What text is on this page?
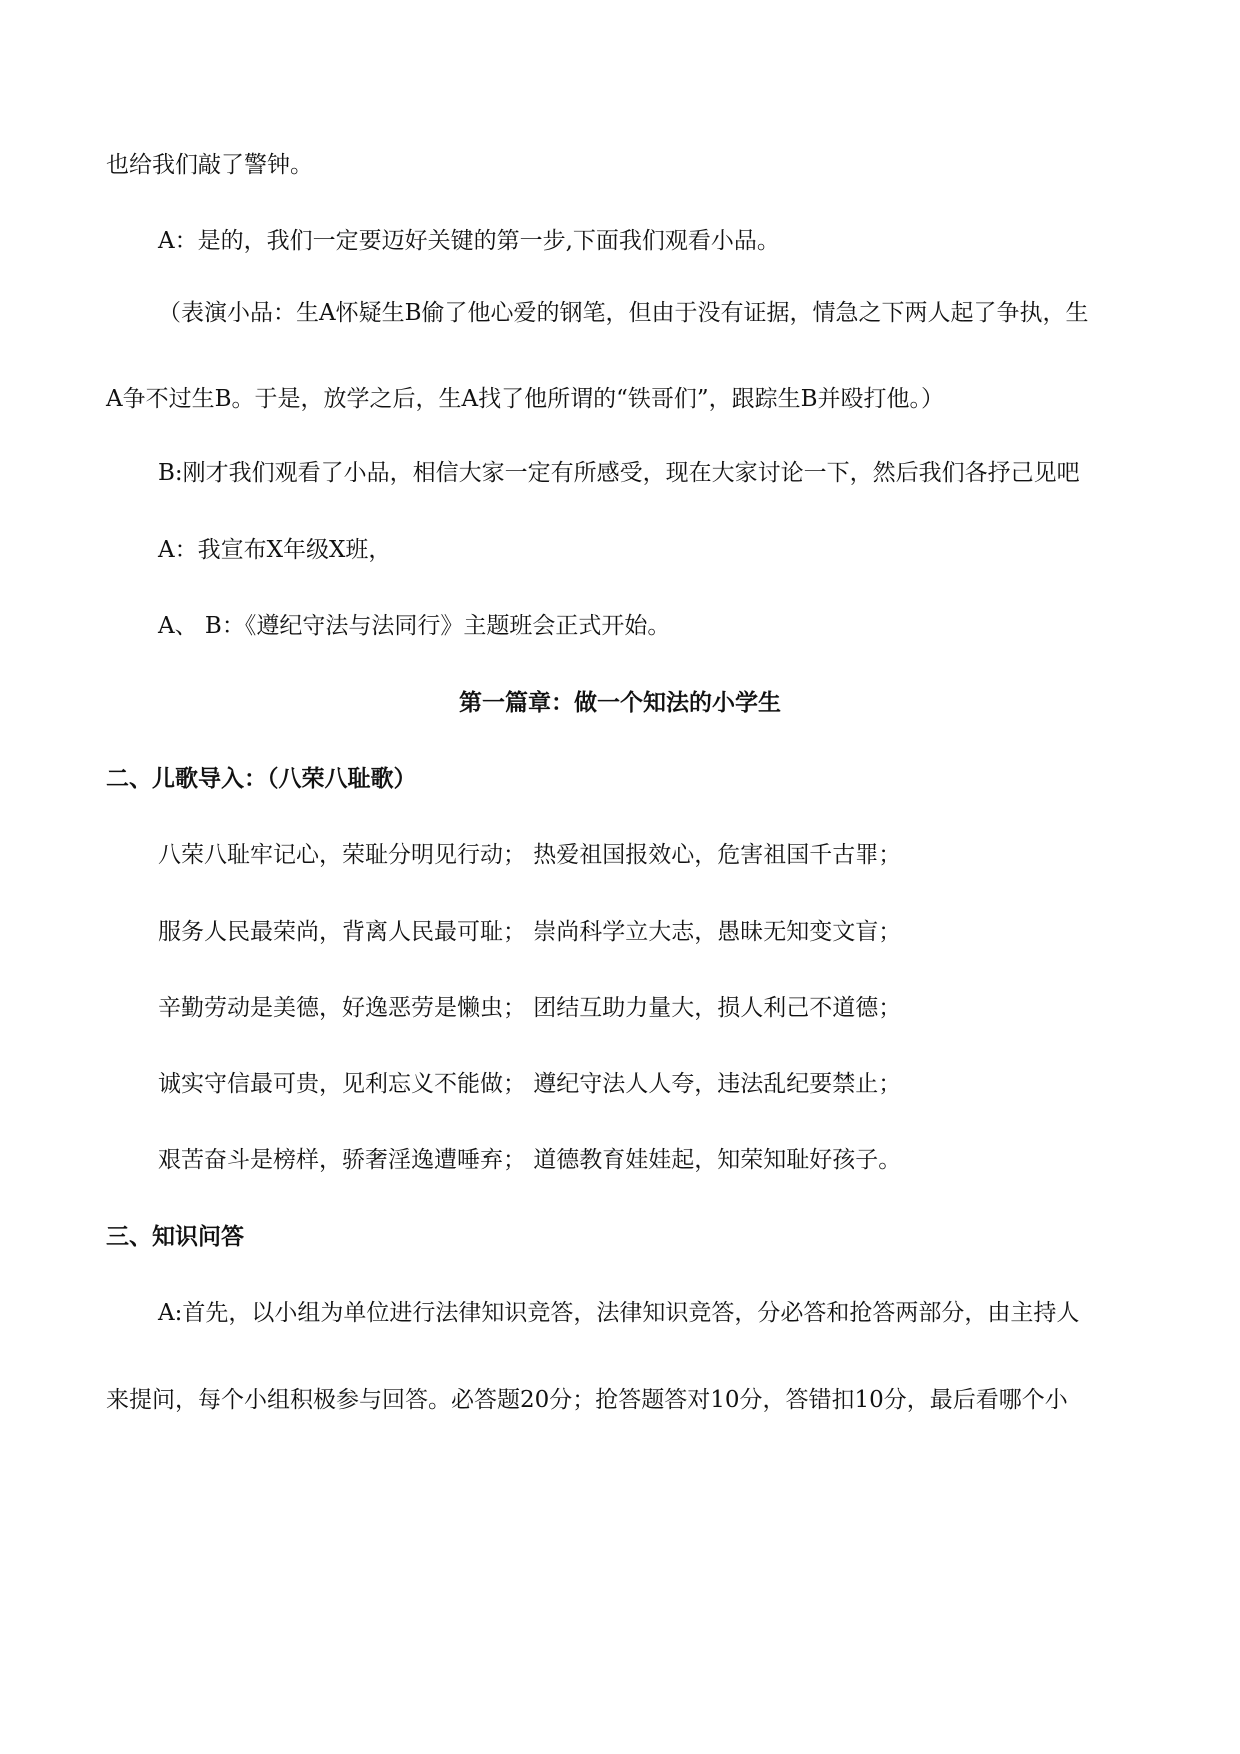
也给我们敲了警钟。
A：是的，我们一定要迈好关键的第一步,下面我们观看小品。
（表演小品：生A怀疑生B偷了他心爱的钢笔，但由于没有证据，情急之下两人起了争执，生
A争不过生B。于是，放学之后，生A找了他所谓的“铁哥们”，跟踪生B并殴打他。）
B:刚才我们观看了小品，相信大家一定有所感受，现在大家讨论一下，然后我们各抒己见吧
A：我宣布X年级X班，
A、 B：《遵纪守法与法同行》主题班会正式开始。
第一篇章：做一个知法的小学生
二、儿歌导入：（八荣八耻歌）
八荣八耻牢记心，荣耻分明见行动； 热爱祖国报效心，危害祖国千古罪；
服务人民最荣尚，背离人民最可耻； 崇尚科学立大志，愚昧无知变文盲；
辛勤劳动是美德，好逸恶劳是懒虫； 团结互助力量大，损人利己不道德；
诚实守信最可贵，见利忘义不能做； 遵纪守法人人夸，违法乱纪要禁止；
艰苦奋斗是榜样，骄奢淫逸遭唾弃； 道德教育娃娃起，知荣知耻好孩子。
三、知识问答
A:首先，以小组为单位进行法律知识竞答，法律知识竞答，分必答和抢答两部分，由主持人
来提问，每个小组积极参与回答。必答题20分；抢答题答对10分，答错扣10分，最后看哪个小
